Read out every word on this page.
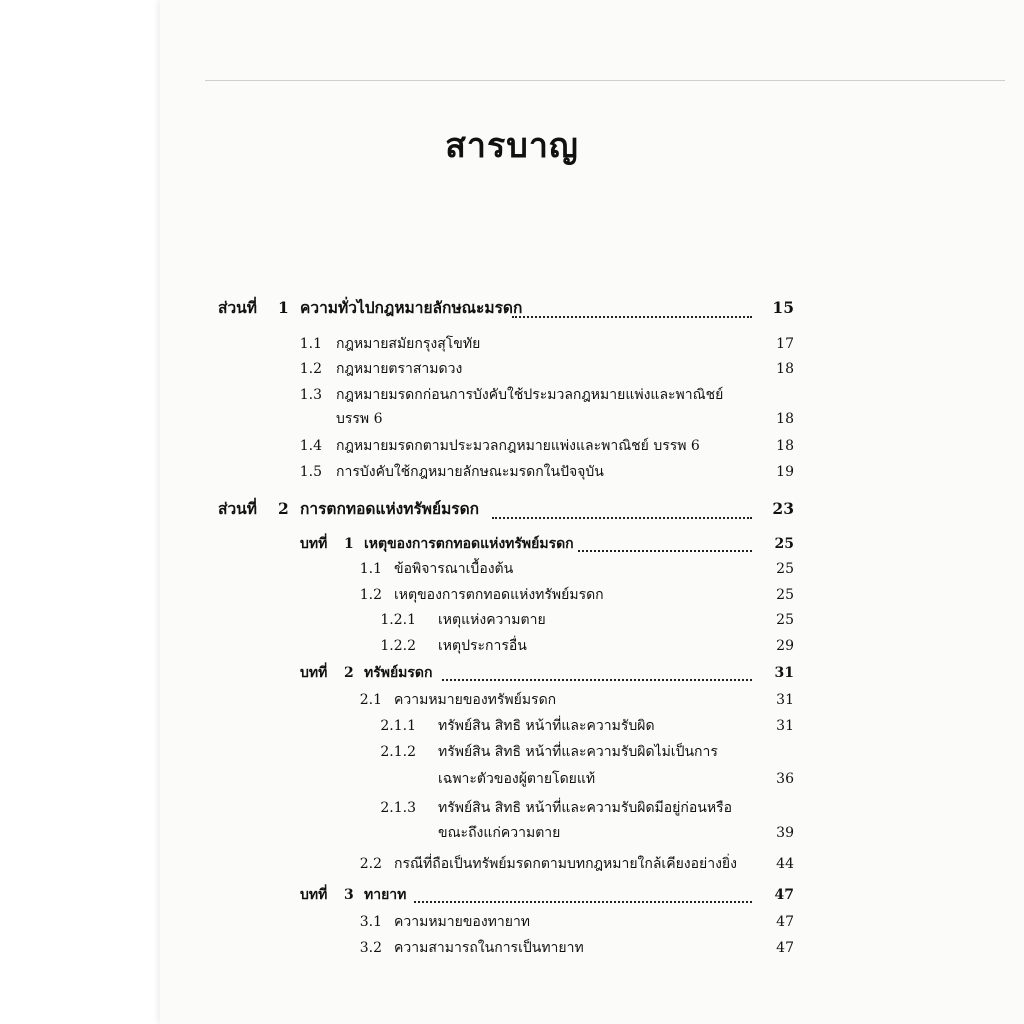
สารบาญ
ส่วนที่ 1 ความทั่วไปกฎหมายลักษณะมรดก	15
1.1 กฎหมายสมัยกรุงสุโขทัย	17
1.2 กฎหมายตราสามดวง	18
1.3 กฎหมายมรดกก่อนการบังคับใช้ประมวลกฎหมายแพ่งและพาณิชย์
บรรพ 6	18
1.4 กฎหมายมรดกตามประมวลกฎหมายแพ่งและพาณิชย์ บรรพ 6	18
1.5 การบังคับใช้กฎหมายลักษณะมรดกในปัจจุบัน	19
ส่วนที่ 2 การตกทอดแห่งทรัพย์มรดก	23
บทที่ 1 เหตุของการตกทอดแห่งทรัพย์มรดก	25
1.1 ข้อพิจารณาเบื้องต้น	25
1.2 เหตุของการตกทอดแห่งทรัพย์มรดก	25
1.2.1 เหตุแห่งความตาย	25
1.2.2 เหตุประการอื่น	29
บทที่ 2 ทรัพย์มรดก	31
2.1 ความหมายของทรัพย์มรดก	31
2.1.1 ทรัพย์สิน สิทธิ หน้าที่และความรับผิด	31
2.1.2 ทรัพย์สิน สิทธิ หน้าที่และความรับผิดไม่เป็นการ
เฉพาะตัวของผู้ตายโดยแท้	36
2.1.3 ทรัพย์สิน สิทธิ หน้าที่และความรับผิดมีอยู่ก่อนหรือ
ขณะถึงแก่ความตาย	39
2.2 กรณีที่ถือเป็นทรัพย์มรดกตามบทกฎหมายใกล้เคียงอย่างยิ่ง	44
บทที่ 3 ทายาท	47
3.1 ความหมายของทายาท	47
3.2 ความสามารถในการเป็นทายาท	47
